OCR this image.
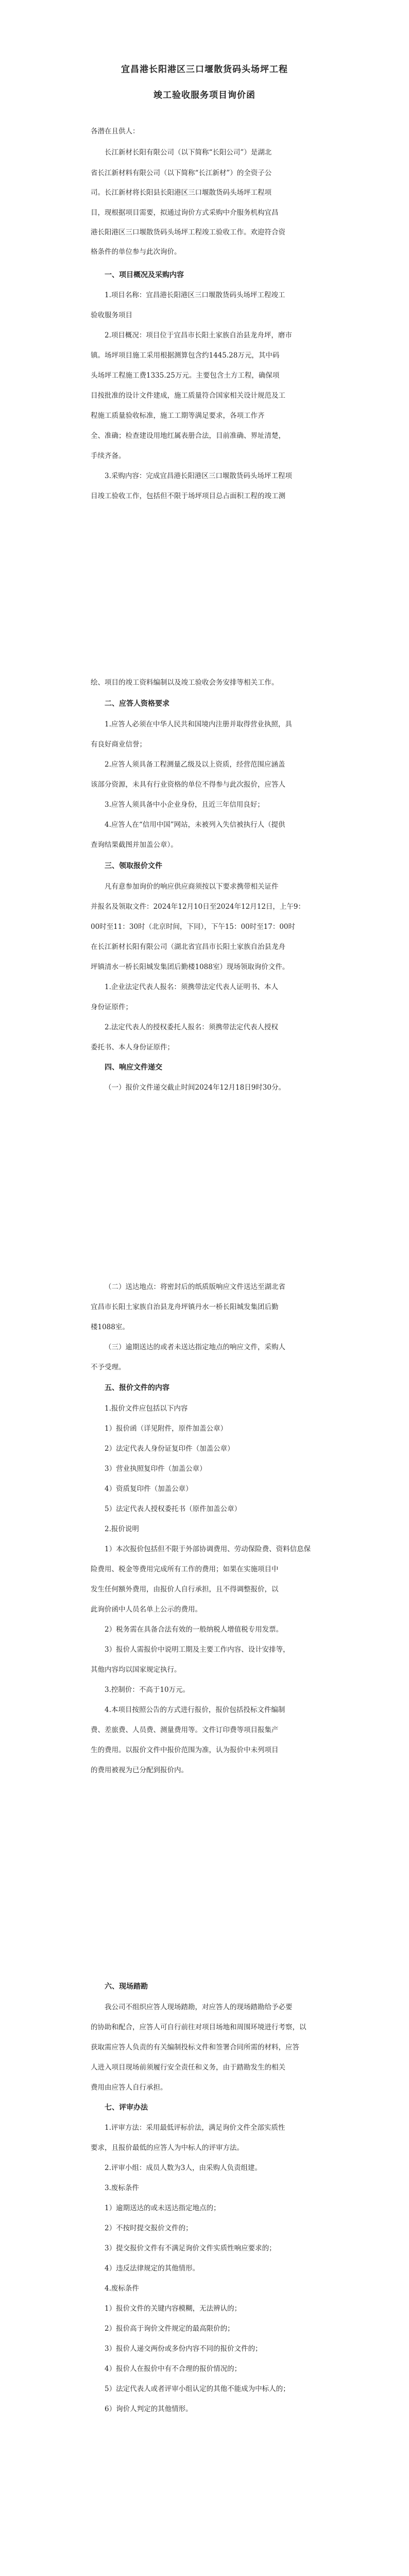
宜昌港长阳港区三口堰散货码头场坪工程
竣工验收服务项目询价函

各潜在且供人：

长江新材长阳有限公司（以下简称“长阳公司”）是湖北

省长江新材料有限公司（以下简称“长江新材”）的全资子公

司。长江新材将长阳县长阳港区三口堰散货码头场坪工程项

目，现根据项目需要，拟通过询价方式采购中介服务机构宜昌

港长阳港区三口堰散货码头场坪工程竣工验收工作。欢迎符合资

格条件的单位参与此次询价。

一、项目概况及采购内容

1.项目名称：宜昌港长阳港区三口堰散货码头场坪工程竣工

验收服务项目

2.项目概况：项目位于宜昌市长阳土家族自治县龙舟坪，磨市

镇。场坪项目施工采用根据测算包含约1445.28万元，其中码

头场坪工程施工费1335.25万元。主要包含土方工程，确保项

目按批准的设计文件建成，施工质量符合国家相关设计规范及工

程施工质量验收标准，施工工期等满足要求，各项工作齐

全、准确；检查建设用地红属表册合法，目前准确、界址清楚，

手续齐备。

3.采购内容：完成宜昌港长阳港区三口堰散货码头场坪工程项

目竣工验收工作，包括但不限于场坪项目总占面积工程的竣工测

绘、项目的竣工资料编制以及竣工验收会务安排等相关工作。

二、应答人资格要求

1.应答人必须在中华人民共和国境内注册并取得营业执照，具

有良好商业信誉；

2.应答人须具备工程测量乙级及以上资质，经营范围应涵盖

该部分资源，未具有行业资格的单位不得参与此次报价，应答人

3.应答人须具备中小企业身份，且近三年信用良好；

4.应答人在“信用中国”网站，未被列入失信被执行人（提供

查询结果截图并加盖公章）。

三、领取报价文件

凡有意参加询价的响应供应商须按以下要求携带相关证件

并报名及领取文件：2024年12月10日至2024年12月12日，上午9：

00时至11：30时（北京时间，下同），下午15：00时至17：00时

在长江新材长阳有限公司（湖北省宜昌市长阳土家族自治县龙舟

坪镇清水一桥长阳城发集团后勤楼1088室）现场领取询价文件。

1.企业法定代表人报名：须携带法定代表人证明书、本人

身份证原件；

2.法定代表人的授权委托人报名：须携带法定代表人授权

委托书、本人身份证原件；

四、响应文件递交

（一）报价文件递交截止时间2024年12月18日9时30分。

（二）送达地点：将密封后的纸质版响应文件送达至湖北省

宜昌市长阳土家族自治县龙舟坪镇丹水一桥长阳城发集团后勤

楼1088室。

（三）逾期送达的或者未送达指定地点的响应文件，采购人

不予受理。

五、报价文件的内容

1.报价文件应包括以下内容

1）报价函（详见附件，原件加盖公章）

2）法定代表人身份证复印件（加盖公章）

3）营业执照复印件（加盖公章）

4）资质复印件（加盖公章）

5）法定代表人授权委托书（原件加盖公章）

2.报价说明

1）本次报价包括但不限于外部协调费用、劳动保险费、资料信息保

险费用、税金等费用完成所有工作的费用；如果在实施项目中

发生任何额外费用，由报价人自行承担，且不得调整报价，以

此询价函中人员名单上公示的费用。

2）税务需在具备合法有效的一般纳税人增值税专用发票。

3）报价人需报价中说明工期及主要工作内容、设计安排等，

其他内容均以国家规定执行。

3.控制价：不高于10万元。

4.本项目按照公告的方式进行报价，报价包括投标文件编制

费、差旅费、人员费、测量费用等。文件订印费等项目报集产

生的费用。以报价文件中报价范围为准，认为报价中未列项目

的费用被视为已分配到报价内。

六、现场踏勘

我公司不组织应答人现场踏勘，对应答人的现场踏勘给予必要

的协助和配合，应答人可自行前往对项目场地和周围环境进行考察，以

获取需应答人负责的有关编制投标文件和签署合同所需的材料，应答

人进入项目现场前须履行安全责任和义务，由于踏勘发生的相关

费用由应答人自行承担。

七、评审办法

1.评审方法：采用最低评标价法，满足询价文件全部实质性

要求，且报价最低的应答人为中标人的评审方法。

2.评审小组：成员人数为3人，由采购人负责组建。

3.废标条件

1）逾期送达的或未送达指定地点的；

2）不按时提交报价文件的；

3）提交报价文件有不满足询价文件实质性响应要求的；

4）违反法律规定的其他情形。

4.废标条件

1）报价文件的关键内容模糊，无法辨认的；

2）报价高于询价文件规定的最高限价的；

3）报价人递交两份或多份内容不同的报价文件的；

4）报价人在报价中有不合理的报价情况的；

5）法定代表人或者评审小组认定的其他不能成为中标人的；

6）询价人判定的其他情形。
